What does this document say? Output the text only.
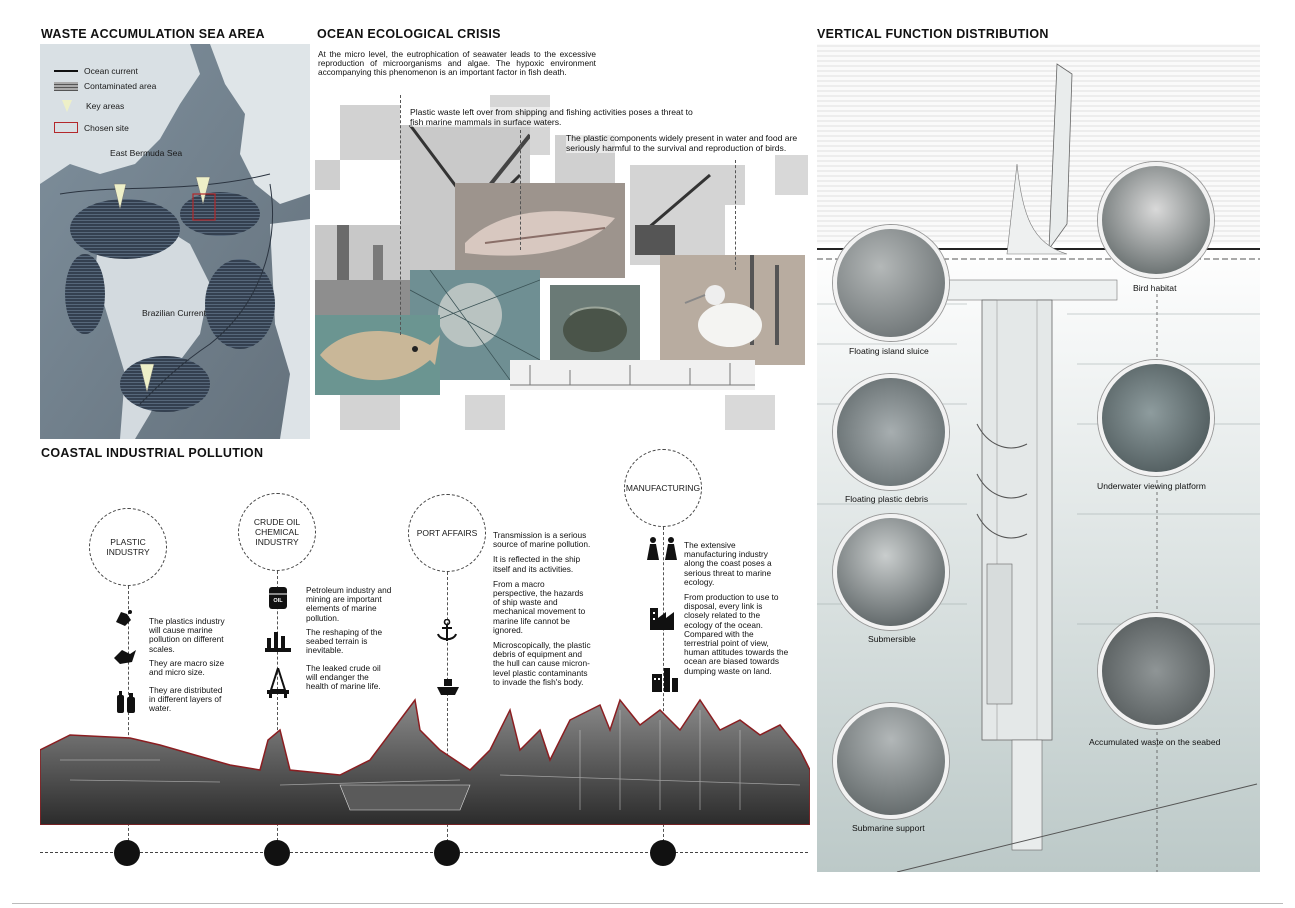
WASTE ACCUMULATION SEA AREA	OCEAN ECOLOGICAL CRISIS	VERTICAL FUNCTION DISTRIBUTION
COASTAL INDUSTRIAL POLLUTION
Ocean current
Contaminated area
Key areas
Chosen site
East Bermuda Sea
Brazilian Current
At the micro level, the eutrophication of seawater leads to the excessive reproduction of microorganisms and algae. The hypoxic environment accompanying this phenomenon is an important factor in fish death.
Plastic waste left over from shipping and fishing activities poses a threat to fish marine mammals in surface waters.
The plastic components widely present in water and food are seriously harmful to the survival and reproduction of birds.
Floating island sluice
Bird habitat
Floating plastic debris
Underwater viewing platform
Submersible
Accumulated waste on the seabed
Submarine support
PLASTIC INDUSTRY
CRUDE OIL CHEMICAL INDUSTRY
PORT AFFAIRS
MANUFACTURING
The plastics industry will cause marine pollution on different scales.
They are macro size and micro size.
They are distributed in different layers of water.
OIL
Petroleum industry and mining are important elements of marine pollution.
The reshaping of the seabed terrain is inevitable.
The leaked crude oil will endanger the health of marine life.

Transmission is a serious source of marine pollution.

It is reflected in the ship itself and its activities.

From a macro perspective, the hazards of ship waste and mechanical movement to marine life cannot be ignored.

Microscopically, the plastic debris of equipment and the hull can cause micron-level plastic contaminants to invade the fish's body.

The extensive manufacturing industry along the coast poses a serious threat to marine ecology.

From production to use to disposal, every link is closely related to the ecology of the ocean. Compared with the terrestrial point of view, human attitudes towards the ocean are biased towards dumping waste on land.
